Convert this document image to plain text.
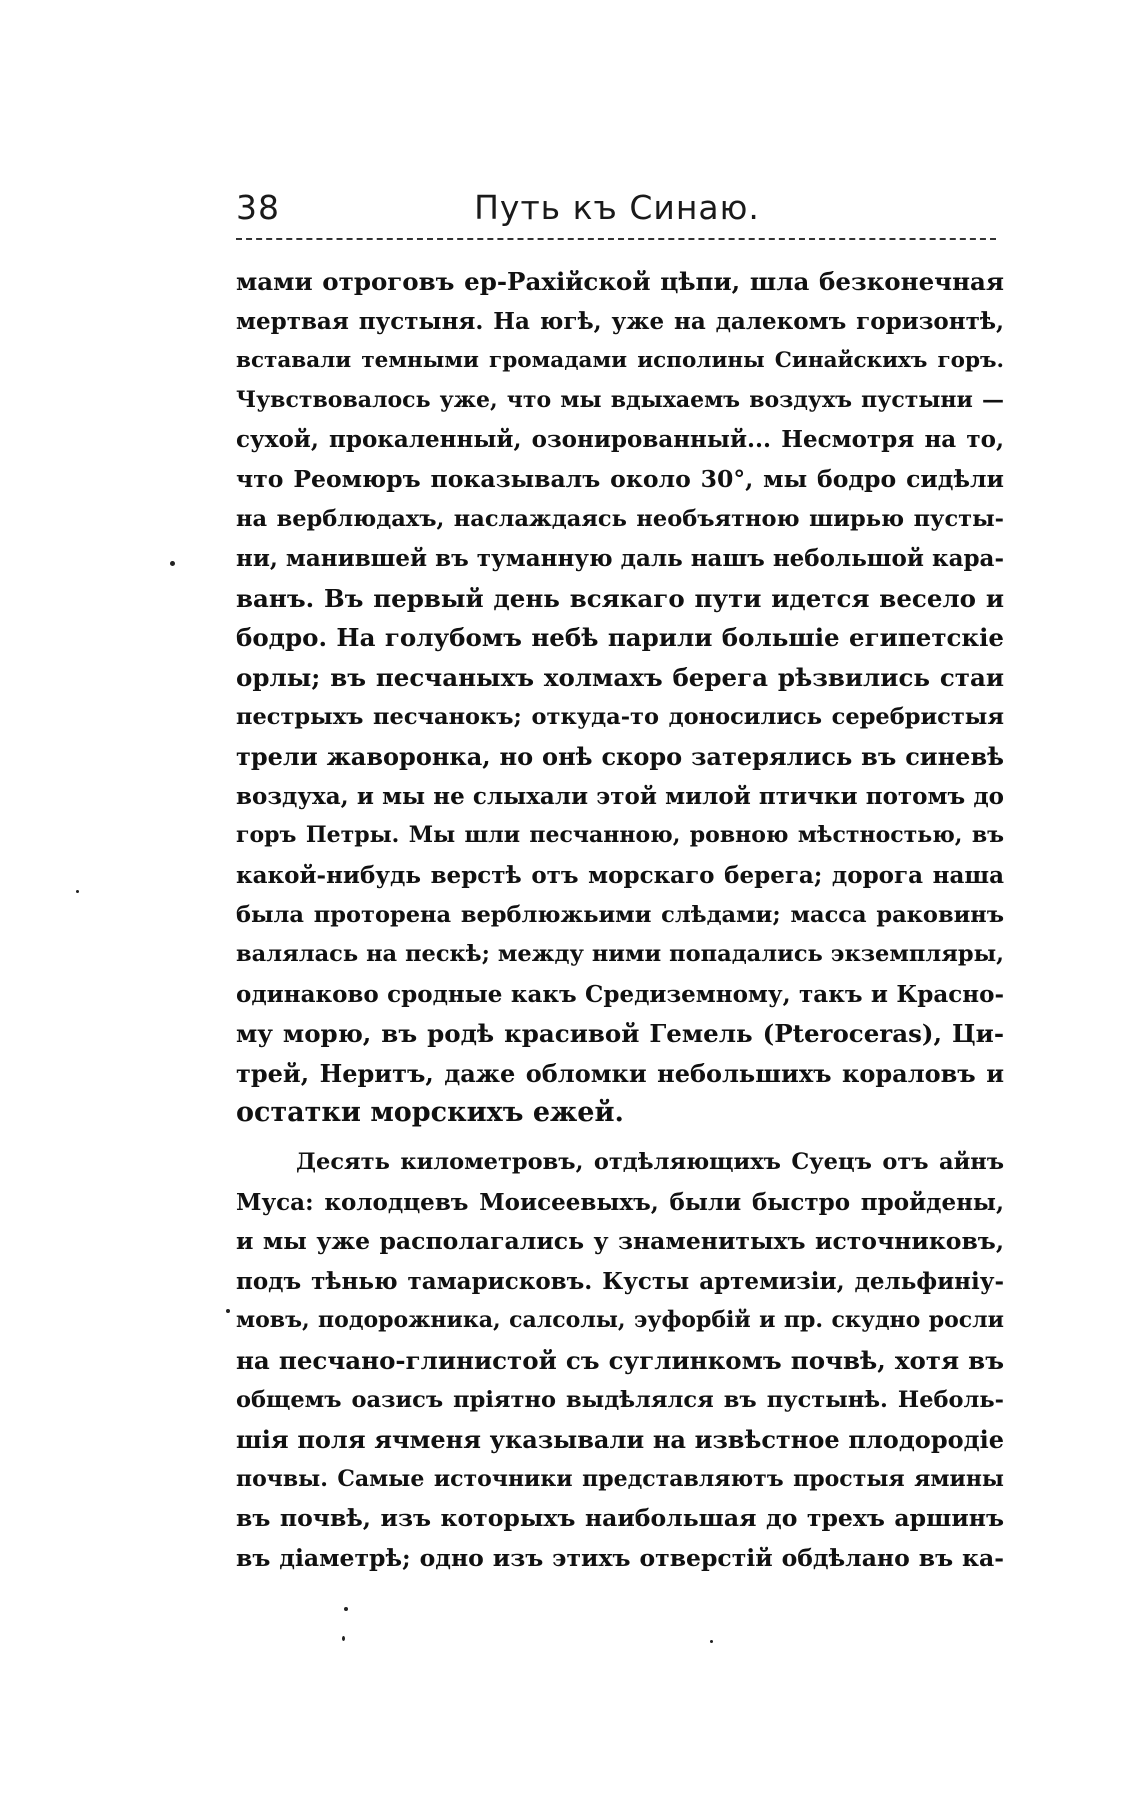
38	Путь къ Синаю.
мами отроговъ ер-Рахійской цѣпи, шла безконечная
мертвая пустыня. На югѣ, уже на далекомъ горизонтѣ,
вставали темными громадами исполины Синайскихъ горъ.
Чувствовалось уже, что мы вдыхаемъ воздухъ пустыни —
сухой, прокаленный, озонированный... Несмотря на то,
что Реомюръ показывалъ около 30°, мы бодро сидѣли
на верблюдахъ, наслаждаясь необъятною ширью пусты-
ни, манившей въ туманную даль нашъ небольшой кара-
ванъ. Въ первый день всякаго пути идется весело и
бодро. На голубомъ небѣ парили большіе египетскіе
орлы; въ песчаныхъ холмахъ берега рѣзвились стаи
пестрыхъ песчанокъ; откуда-то доносились серебристыя
трели жаворонка, но онѣ скоро затерялись въ синевѣ
воздуха, и мы не слыхали этой милой птички потомъ до
горъ Петры. Мы шли песчанною, ровною мѣстностью, въ
какой-нибудь верстѣ отъ морскаго берега; дорога наша
была проторена верблюжьими слѣдами; масса раковинъ
валялась на пескѣ; между ними попадались экземпляры,
одинаково сродные какъ Средиземному, такъ и Красно-
му морю, въ родѣ красивой Гемель (Pterocerаs), Ци-
трей, Неритъ, даже обломки небольшихъ кораловъ и
остатки морскихъ ежей.
Десять километровъ, отдѣляющихъ Суецъ отъ айнъ
Муса: колодцевъ Моисеевыхъ, были быстро пройдены,
и мы уже располагались у знаменитыхъ источниковъ,
подъ тѣнью тамарисковъ. Кусты артемизіи, дельфиніу-
мовъ, подорожника, салсолы, эуфорбій и пр. скудно росли
на песчано-глинистой съ суглинкомъ почвѣ, хотя въ
общемъ оазисъ пріятно выдѣлялся въ пустынѣ. Неболь-
шія поля ячменя указывали на извѣстное плодородіе
почвы. Самые источники представляютъ простыя ямины
въ почвѣ, изъ которыхъ наибольшая до трехъ аршинъ
въ діаметрѣ; одно изъ этихъ отверстій обдѣлано въ ка-
